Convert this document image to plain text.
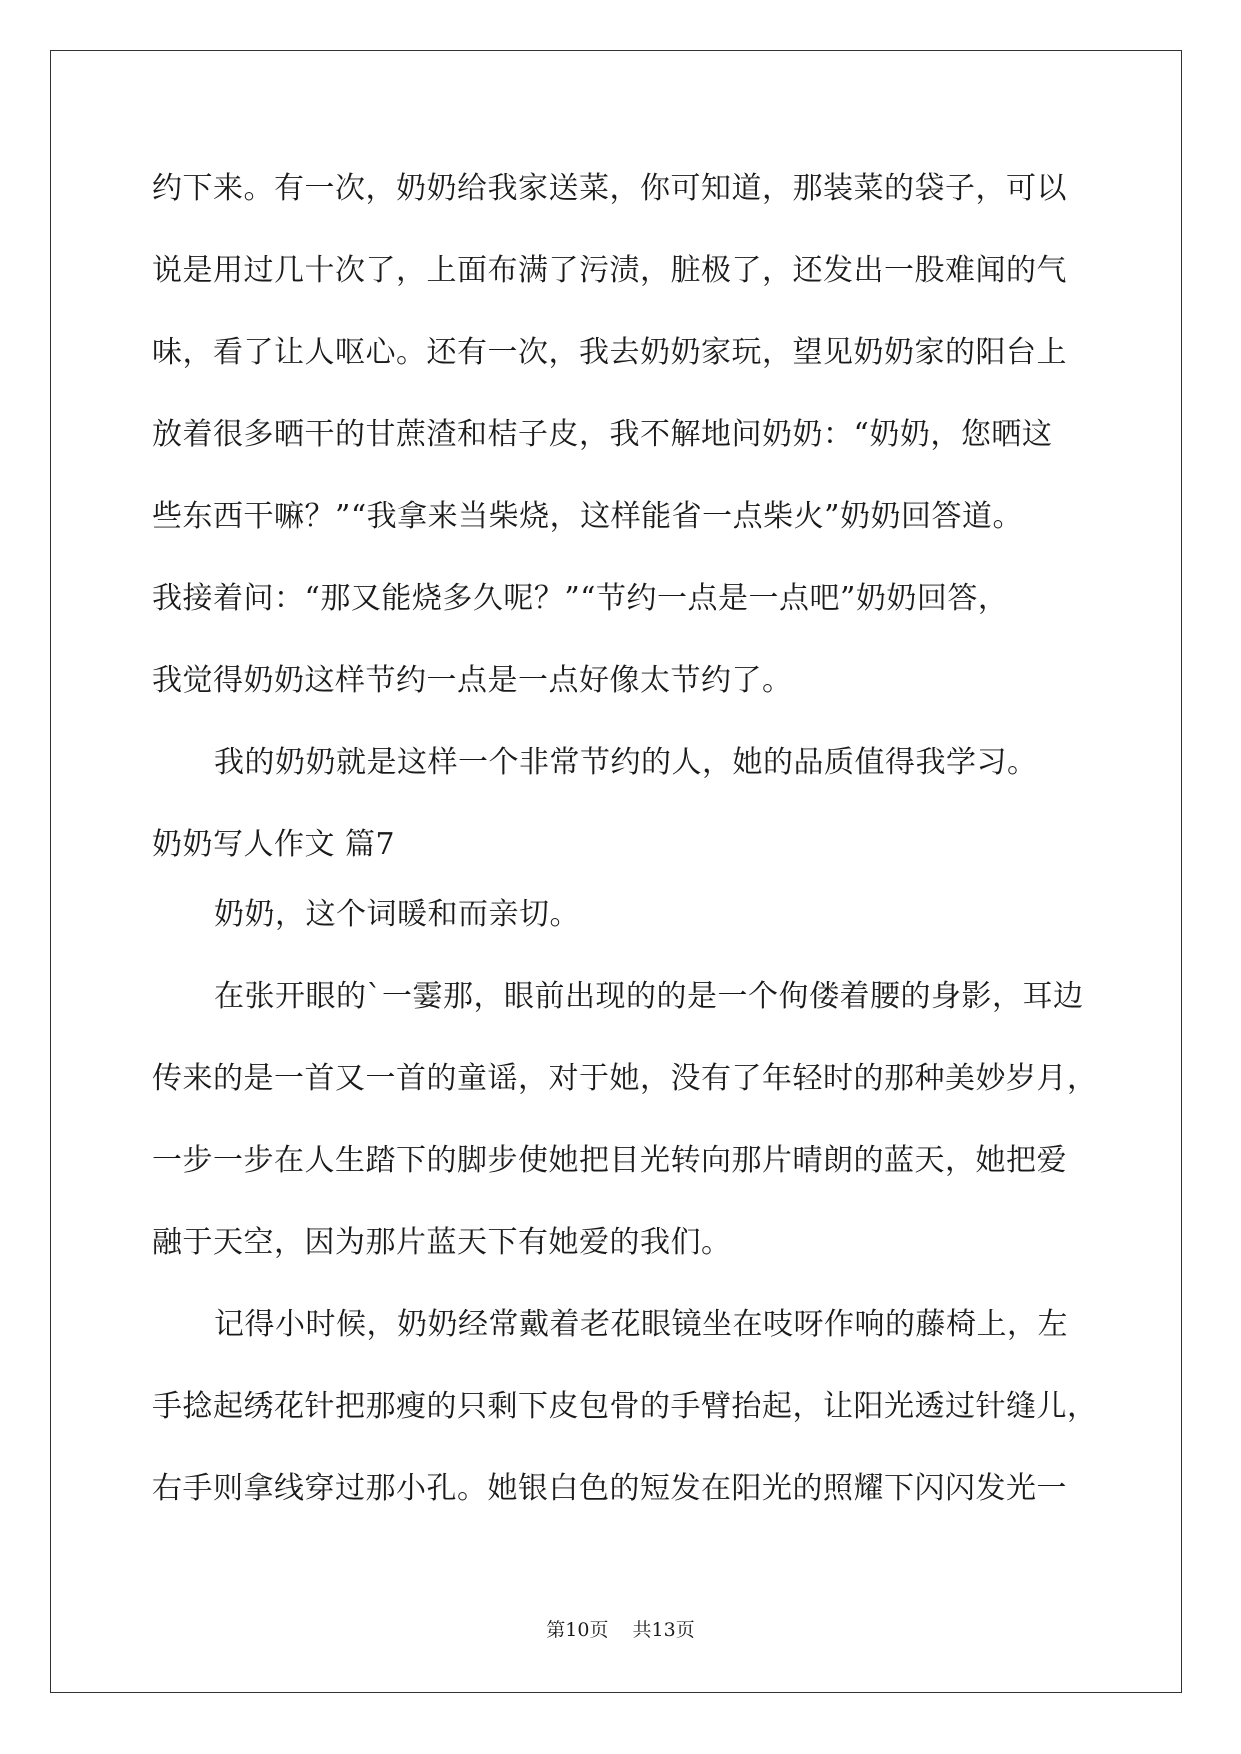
约下来。有一次，奶奶给我家送菜，你可知道，那装菜的袋子，可以
说是用过几十次了，上面布满了污渍，脏极了，还发出一股难闻的气
味，看了让人呕心。还有一次，我去奶奶家玩，望见奶奶家的阳台上
放着很多晒干的甘蔗渣和桔子皮，我不解地问奶奶：“奶奶，您晒这
些东西干嘛？”“我拿来当柴烧，这样能省一点柴火”奶奶回答道。
我接着问：“那又能烧多久呢？”“节约一点是一点吧”奶奶回答，
我觉得奶奶这样节约一点是一点好像太节约了。
我的奶奶就是这样一个非常节约的人，她的品质值得我学习。
奶奶写人作文 篇7
奶奶，这个词暖和而亲切。
在张开眼的`一霎那，眼前出现的的是一个佝偻着腰的身影，耳边
传来的是一首又一首的童谣，对于她，没有了年轻时的那种美妙岁月，
一步一步在人生踏下的脚步使她把目光转向那片晴朗的蓝天，她把爱
融于天空，因为那片蓝天下有她爱的我们。
记得小时候，奶奶经常戴着老花眼镜坐在吱呀作响的藤椅上，左
手捻起绣花针把那瘦的只剩下皮包骨的手臂抬起，让阳光透过针缝儿，
右手则拿线穿过那小孔。她银白色的短发在阳光的照耀下闪闪发光一
第10页 共13页
